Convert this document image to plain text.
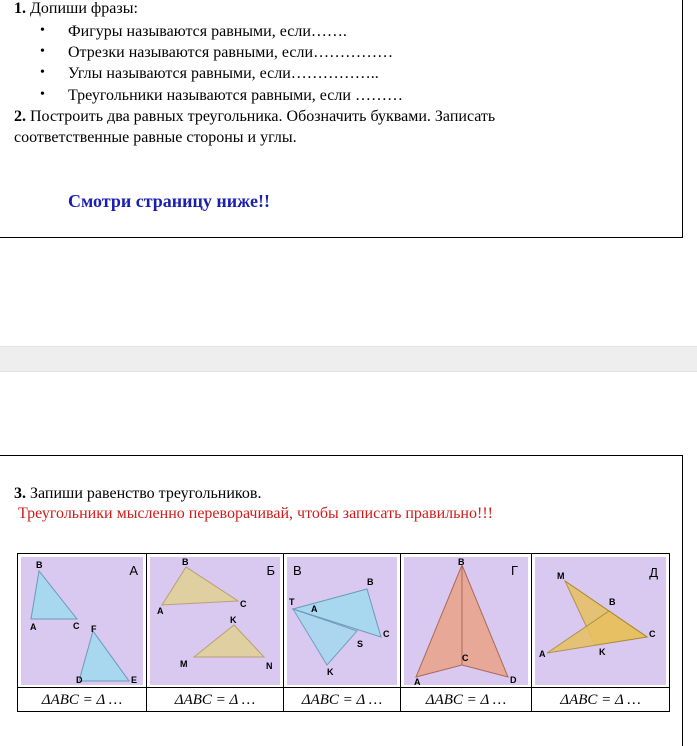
1. Допиши фразы:
• Фигуры называются равными, если…….
• Отрезки называются равными, если……………
• Углы называются равными, если……………..
• Треугольники называются равными, если ………
2. Построить два равных треугольника. Обозначить буквами. Записать
соответственные равные стороны и углы.
Смотри страницу ниже!!
3. Запиши равенство треугольников.
Треугольники мысленно переворачивай, чтобы записать правильно!!!
B
A	C F
D	E
А
B
A
C
K
M	N
Б
B
T
A
C
S
K
В
B
A
C
D
Г	M
B
C
A	K
Д
ΔABC = Δ …	ΔABC = Δ …	ΔABC = Δ …	ΔABC = Δ …	ΔABC = Δ …
